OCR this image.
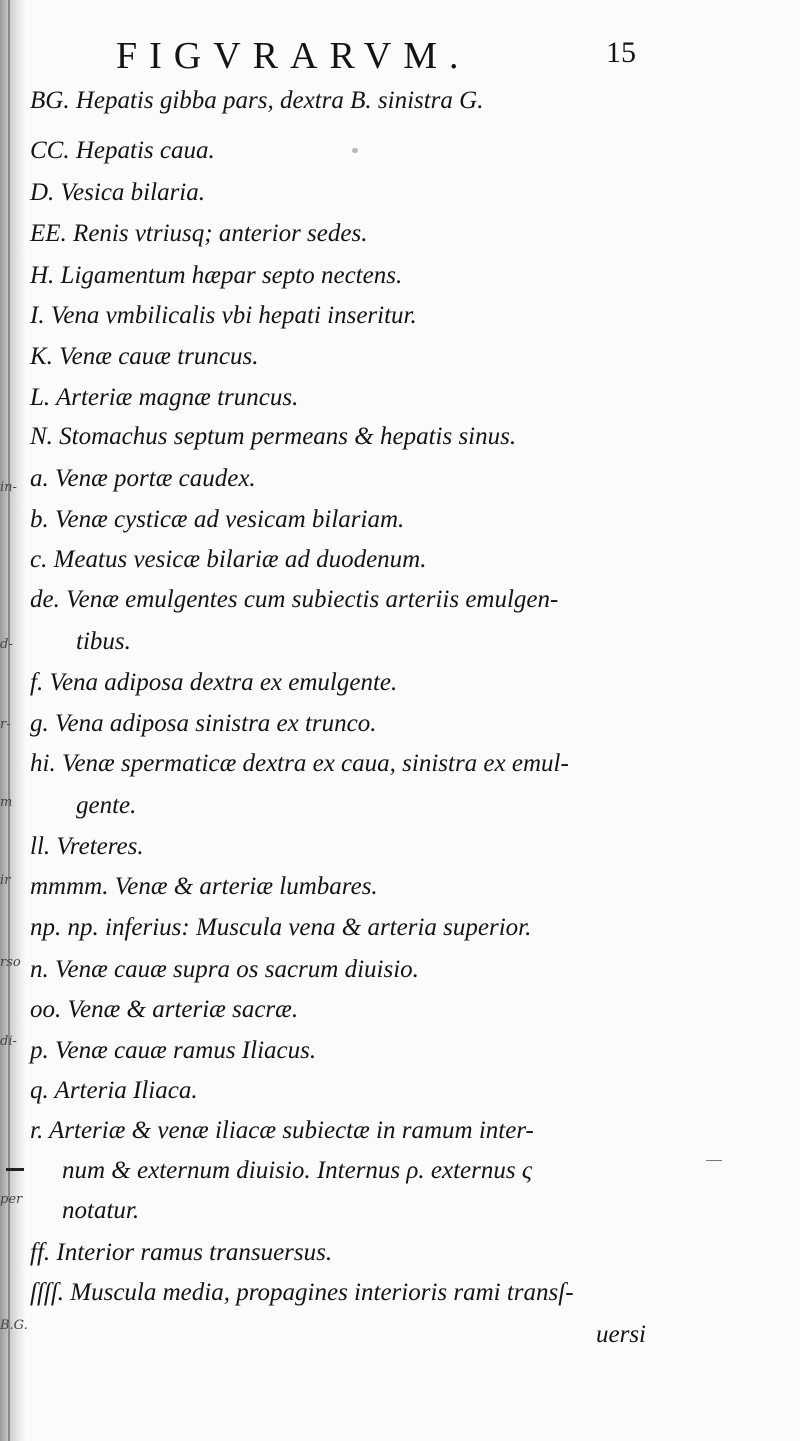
in-
d-
r-
m
ir
rso
di-
per
B.G.
FIGVRARVM.	15
BG. Hepatis gibba pars, dextra B. sinistra G.
CC. Hepatis caua.
D. Vesica bilaria.
EE. Renis vtriusq; anterior sedes.
H. Ligamentum hæpar septo nectens.
I. Vena vmbilicalis vbi hepati inseritur.
K. Venæ cauæ truncus.
L. Arteriæ magnæ truncus.
N. Stomachus septum permeans & hepatis sinus.
a. Venæ portæ caudex.
b. Venæ cysticæ ad vesicam bilariam.
c. Meatus vesicæ bilariæ ad duodenum.
de. Venæ emulgentes cum subiectis arteriis emulgen-
tibus.
f. Vena adiposa dextra ex emulgente.
g. Vena adiposa sinistra ex trunco.
hi. Venæ spermaticæ dextra ex caua, sinistra ex emul-
gente.
ll. Vreteres.
mmmm. Venæ & arteriæ lumbares.
np. np. inferius: Muscula vena & arteria superior.
n. Venæ cauæ supra os sacrum diuisio.
oo. Venæ & arteriæ sacræ.
p. Venæ cauæ ramus Iliacus.
q. Arteria Iliaca.
r. Arteriæ & venæ iliacæ subiectæ in ramum inter-
num & externum diuisio. Internus ρ. externus ς
notatur.
ff. Interior ramus transuersus.
ſſſſ. Muscula media, propagines interioris rami transſ-
uersi
